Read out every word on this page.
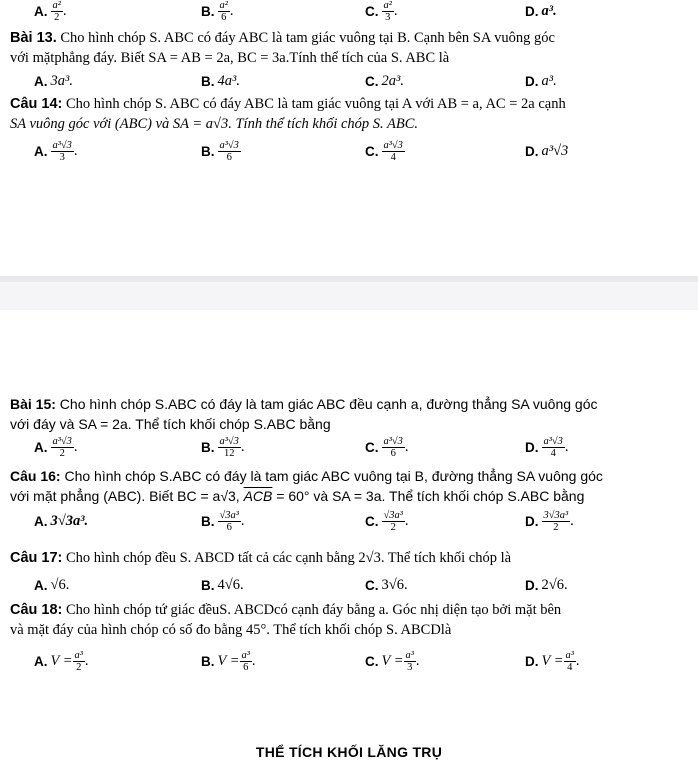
A. $\frac{\text{a²}}{2}$ .	B. $\frac{\text{a²}}{6}$ .	C. $\frac{\text{a²}}{3}$ .	D. a³.
Bài 13. Cho hình chóp S. ABC có đáy ABC là tam giác vuông tại B. Cạnh bên SA vuông góc
với mặtphẳng đáy. Biết SA = AB = 2a, BC = 3a.Tính thể tích của S. ABC là
A. 3a³.	B. 4a³.	C. 2a³.	D. a³.
Câu 14: Cho hình chóp S. ABC có đáy ABC là tam giác vuông tại A với AB = a, AC = 2a cạnh
SA vuông góc với (ABC) và SA = a√3. Tính thể tích khối chóp S. ABC.
A. $\frac{\text{a³√3}}{3}$ .	B. $\frac{\text{a³√3}}{6}$	C. $\frac{\text{a³√3}}{4}$	D. a³√3
Bài 15: Cho hình chóp S.ABC có đáy là tam giác ABC đều cạnh a, đường thẳng SA vuông góc
với đáy và SA = 2a. Thể tích khối chóp S.ABC bằng
A. $\frac{\text{a³√3}}{2}$ .	B. $\frac{\text{a³√3}}{12}$ .	C. $\frac{\text{a³√3}}{6}$ .	D. $\frac{\text{a³√3}}{4}$ .
Câu 16: Cho hình chóp S.ABC có đáy là tam giác ABC vuông tại B, đường thẳng SA vuông góc
với mặt phẳng (ABC). Biết BC = a√3, $\overline{ACB} = 60^\circ$ và SA = 3a. Thể tích khối chóp S.ABC bằng
A. 3√3a³.	B. $\frac{\text{√3a³}}{6}$ .	C. $\frac{\text{√3a³}}{2}$ .	D. $\frac{\text{3√3a³}}{2}$ .
Câu 17: Cho hình chóp đều S. ABCD tất cả các cạnh bằng 2√3. Thể tích khối chóp là
A. √6.	B. 4√6.	C. 3√6.	D. 2√6.
Câu 18: Cho hình chóp tứ giác đềuS. ABCDcó cạnh đáy bằng a. Góc nhị diện tạo bởi mặt bên
và mặt đáy của hình chóp có số đo bằng 45°. Thể tích khối chóp S. ABCDlà
A. $V = \frac{\text{a³}}{2}$ .	B. $V = \frac{\text{a³}}{6}$ .	C. $V = \frac{\text{a³}}{3}$ .	D. $V = \frac{\text{a³}}{4}$ .
THỂ TÍCH KHỐI LĂNG TRỤ
